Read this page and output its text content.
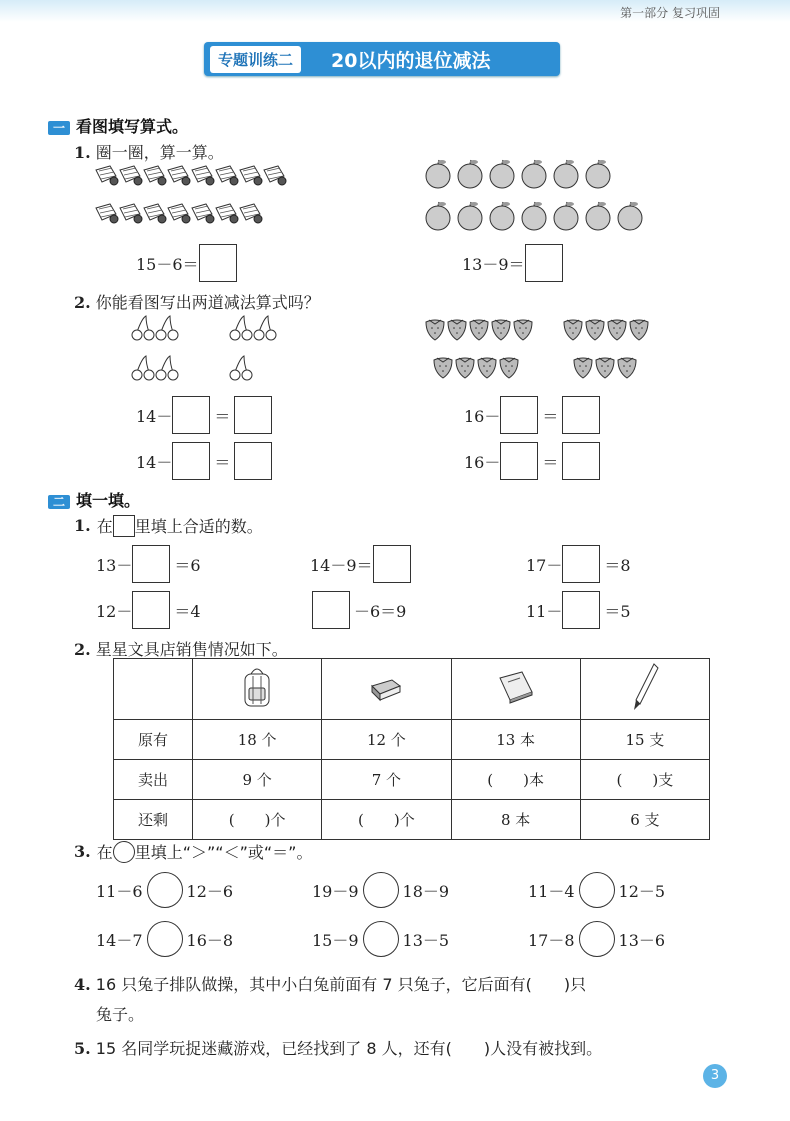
第一部分 复习巩固
专题训练二	20以内的退位减法
一 看图填写算式。
1. 圈一圈，算一算。
15－6＝	13－9＝
2. 你能看图写出两道减法算式吗？
14－	＝
14－	＝
16－	＝
16－	＝
二 填一填。
1. 在 里填上合适的数。
13－	＝6	14－9＝	17－	＝8
12－	＝4	－6＝9	11－	＝5
2. 星星文具店销售情况如下。

原有	18 个	12 个	13 本	15 支
卖出	9 个	7 个	(　　)本	(　　)支
还剩	(　　)个	(　　)个	8 本	6 支
3. 在 里填上“＞”“＜”或“＝”。
11－6	12－6	19－9	18－9	11－4	12－5
14－7	16－8	15－9	13－5	17－8	13－6
4. 16 只兔子排队做操，其中小白兔前面有 7 只兔子，它后面有(　　)只
兔子。
5. 15 名同学玩捉迷藏游戏，已经找到了 8 人，还有(　　)人没有被找到。
3
